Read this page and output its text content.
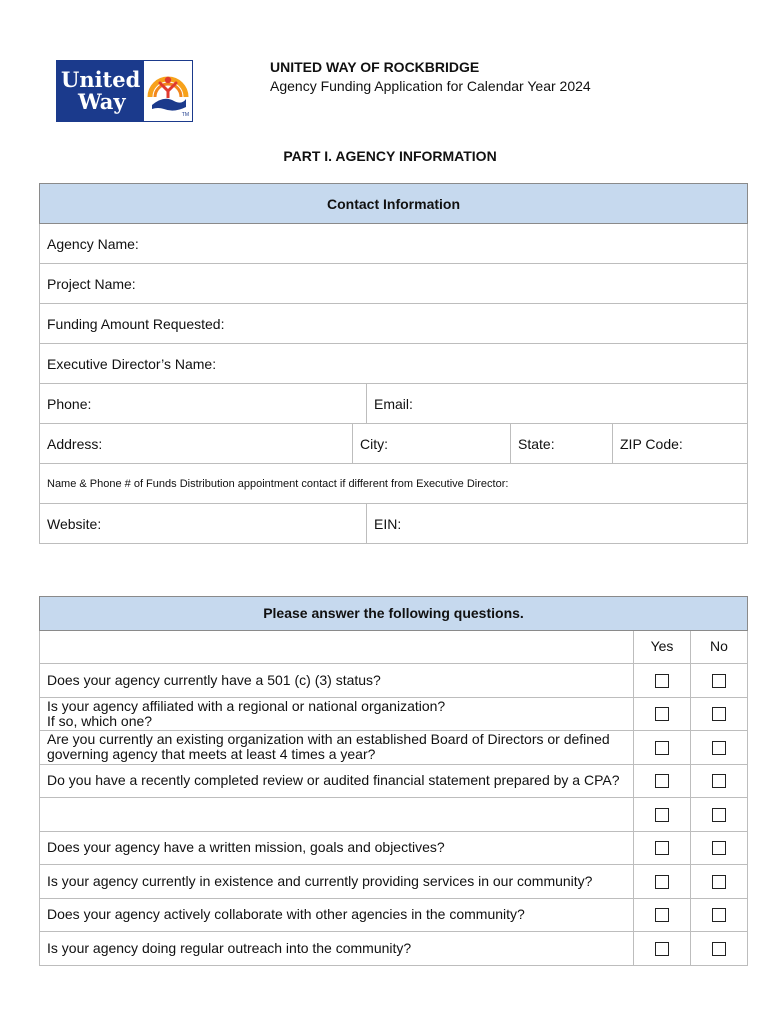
United
Way
TM
UNITED WAY OF ROCKBRIDGE
Agency Funding Application for Calendar Year 2024
PART I. AGENCY INFORMATION
Contact Information				
Agency Name:				
Project Name:				
Funding Amount Requested:				
Executive Director’s Name:				
Phone:		Email:		
Address:	City:		State:	ZIP Code:
Name & Phone # of Funds Distribution appointment contact if different from Executive Director:				
Website:		EIN:		
Please answer the following questions.		
	Yes	No
Does your agency currently have a 501 (c) (3) status?		
Is your agency affiliated with a regional or national organization?
If so, which one?		
Are you currently an existing organization with an established Board of Directors or defined governing agency that meets at least 4 times a year?		
Do you have a recently completed review or audited financial statement prepared by a CPA?		

Does your agency have a written mission, goals and objectives?		
Is your agency currently in existence and currently providing services in our community?		
Does your agency actively collaborate with other agencies in the community?		
Is your agency doing regular outreach into the community?		
